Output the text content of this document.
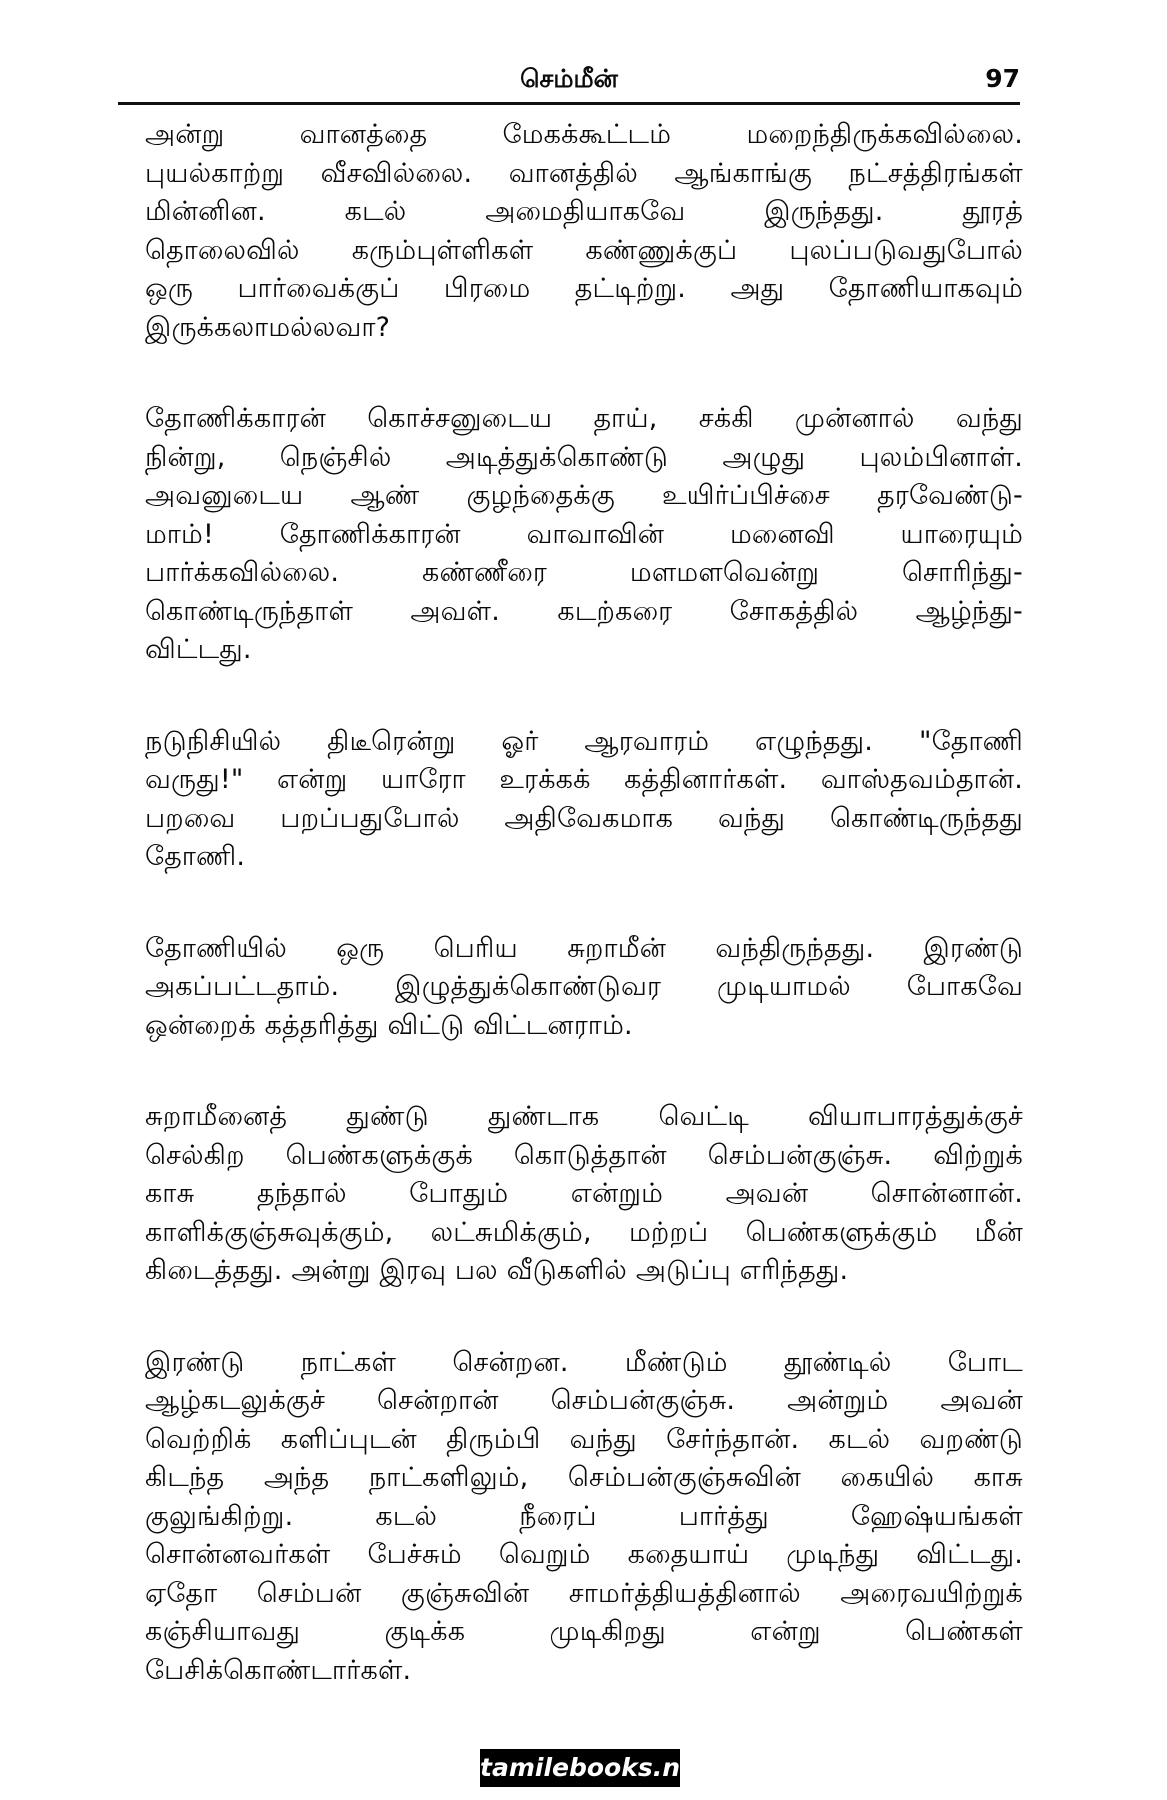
செம்மீன்	97
அன்று வானத்தை மேகக்கூட்டம் மறைந்திருக்கவில்லை.
புயல்காற்று வீசவில்லை. வானத்தில் ஆங்காங்கு நட்சத்திரங்கள்
மின்னின. கடல் அமைதியாகவே இருந்தது. தூரத்
தொலைவில் கரும்புள்ளிகள் கண்ணுக்குப் புலப்படுவதுபோல்
ஒரு பார்வைக்குப் பிரமை தட்டிற்று. அது தோணியாகவும்
இருக்கலாமல்லவா?
தோணிக்காரன் கொச்சனுடைய தாய், சக்கி முன்னால் வந்து
நின்று, நெஞ்சில் அடித்துக்கொண்டு அழுது புலம்பினாள்.
அவனுடைய ஆண் குழந்தைக்கு உயிர்ப்பிச்சை தரவேண்டு-
மாம்! தோணிக்காரன் வாவாவின் மனைவி யாரையும்
பார்க்கவில்லை. கண்ணீரை மளமளவென்று சொரிந்து-
கொண்டிருந்தாள் அவள். கடற்கரை சோகத்தில் ஆழ்ந்து-
விட்டது.
நடுநிசியில் திடீரென்று ஓர் ஆரவாரம் எழுந்தது. "தோணி
வருது!" என்று யாரோ உரக்கக் கத்தினார்கள். வாஸ்தவம்தான்.
பறவை பறப்பதுபோல் அதிவேகமாக வந்து கொண்டிருந்தது
தோணி.
தோணியில் ஒரு பெரிய சுறாமீன் வந்திருந்தது. இரண்டு
அகப்பட்டதாம். இழுத்துக்கொண்டுவர முடியாமல் போகவே
ஒன்றைக் கத்தரித்து விட்டு விட்டனராம்.
சுறாமீனைத் துண்டு துண்டாக வெட்டி வியாபாரத்துக்குச்
செல்கிற பெண்களுக்குக் கொடுத்தான் செம்பன்குஞ்சு. விற்றுக்
காசு தந்தால் போதும் என்றும் அவன் சொன்னான்.
காளிக்குஞ்சுவுக்கும், லட்சுமிக்கும், மற்றப் பெண்களுக்கும் மீன்
கிடைத்தது. அன்று இரவு பல வீடுகளில் அடுப்பு எரிந்தது.
இரண்டு நாட்கள் சென்றன. மீண்டும் தூண்டில் போட
ஆழ்கடலுக்குச் சென்றான் செம்பன்குஞ்சு. அன்றும் அவன்
வெற்றிக் களிப்புடன் திரும்பி வந்து சேர்ந்தான். கடல் வறண்டு
கிடந்த அந்த நாட்களிலும், செம்பன்குஞ்சுவின் கையில் காசு
குலுங்கிற்று. கடல் நீரைப் பார்த்து ஹேஷ்யங்கள்
சொன்னவர்கள் பேச்சும் வெறும் கதையாய் முடிந்து விட்டது.
ஏதோ செம்பன் குஞ்சுவின் சாமர்த்தியத்தினால் அரைவயிற்றுக்
கஞ்சியாவது குடிக்க முடிகிறது என்று பெண்கள்
பேசிக்கொண்டார்கள்.
tamilebooks.net
